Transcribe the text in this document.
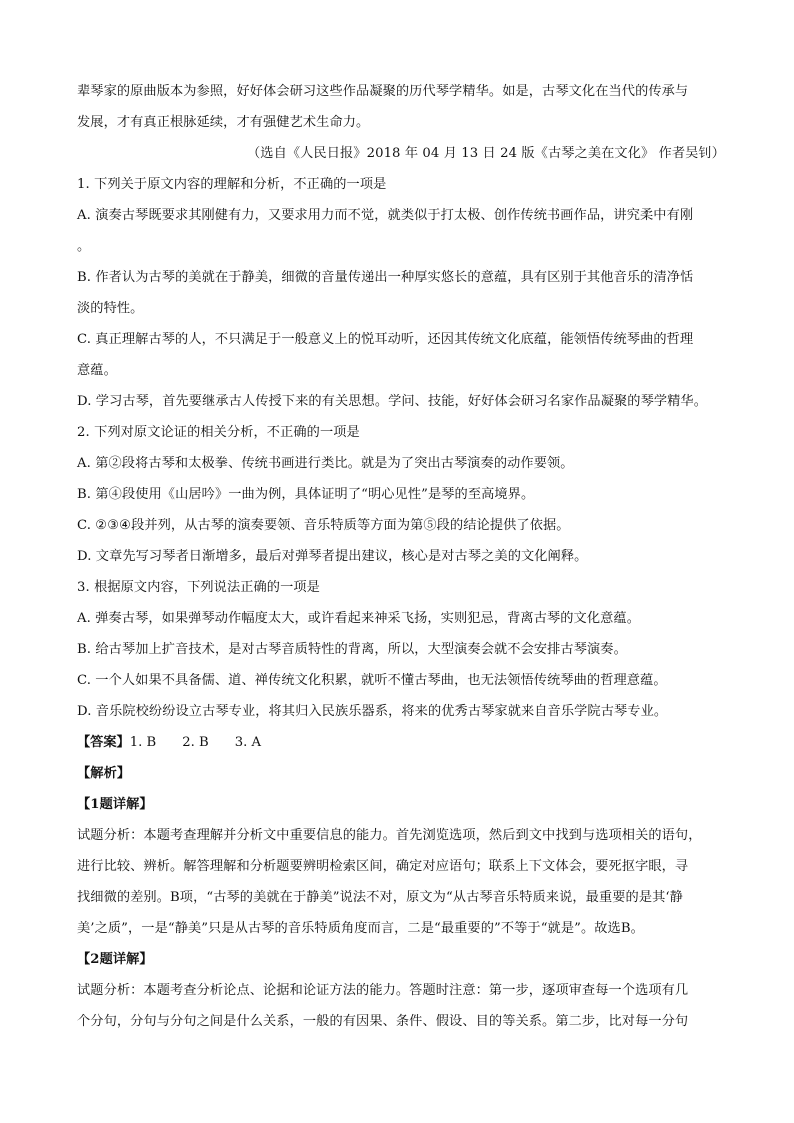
辈琴家的原曲版本为参照，好好体会研习这些作品凝聚的历代琴学精华。如是，古琴文化在当代的传承与
发展，才有真正根脉延续，才有强健艺术生命力。
（选自《人民日报》2018 年 04 月 13 日 24 版《古琴之美在文化》 作者吴钊）
1. 下列关于原文内容的理解和分析，不正确的一项是
A. 演奏古琴既要求其刚健有力，又要求用力而不觉，就类似于打太极、创作传统书画作品，讲究柔中有刚
。
B. 作者认为古琴的美就在于静美，细微的音量传递出一种厚实悠长的意蕴，具有区别于其他音乐的清净恬
淡的特性。
C. 真正理解古琴的人，不只满足于一般意义上的悦耳动听，还因其传统文化底蕴，能领悟传统琴曲的哲理
意蕴。
D. 学习古琴，首先要继承古人传授下来的有关思想。学问、技能，好好体会研习名家作品凝聚的琴学精华。
2. 下列对原文论证的相关分析，不正确的一项是
A. 第②段将古琴和太极拳、传统书画进行类比。就是为了突出古琴演奏的动作要领。
B. 第④段使用《山居吟》一曲为例，具体证明了“明心见性”是琴的至高境界。
C. ②③④段并列，从古琴的演奏要领、音乐特质等方面为第⑤段的结论提供了依据。
D. 文章先写习琴者日渐增多，最后对弹琴者提出建议，核心是对古琴之美的文化阐释。
3. 根据原文内容，下列说法正确的一项是
A. 弹奏古琴，如果弹琴动作幅度太大，或许看起来神采飞扬，实则犯忌，背离古琴的文化意蕴。
B. 给古琴加上扩音技术，是对古琴音质特性的背离，所以，大型演奏会就不会安排古琴演奏。
C. 一个人如果不具备儒、道、禅传统文化积累，就听不懂古琴曲，也无法领悟传统琴曲的哲理意蕴。
D. 音乐院校纷纷设立古琴专业，将其归入民族乐器系，将来的优秀古琴家就来自音乐学院古琴专业。
【答案】1. B 2. B 3. A
【解析】
【1题详解】
试题分析：本题考查理解并分析文中重要信息的能力。首先浏览选项，然后到文中找到与选项相关的语句，
进行比较、辨析。解答理解和分析题要辨明检索区间，确定对应语句；联系上下文体会，要死抠字眼，寻
找细微的差别。B项，“古琴的美就在于静美”说法不对，原文为“从古琴音乐特质来说，最重要的是其‘静
美’之质”，一是“静美”只是从古琴的音乐特质角度而言，二是“最重要的”不等于“就是”。故选B。
【2题详解】
试题分析：本题考查分析论点、论据和论证方法的能力。答题时注意：第一步，逐项审查每一个选项有几
个分句，分句与分句之间是什么关系，一般的有因果、条件、假设、目的等关系。第二步，比对每一分句
